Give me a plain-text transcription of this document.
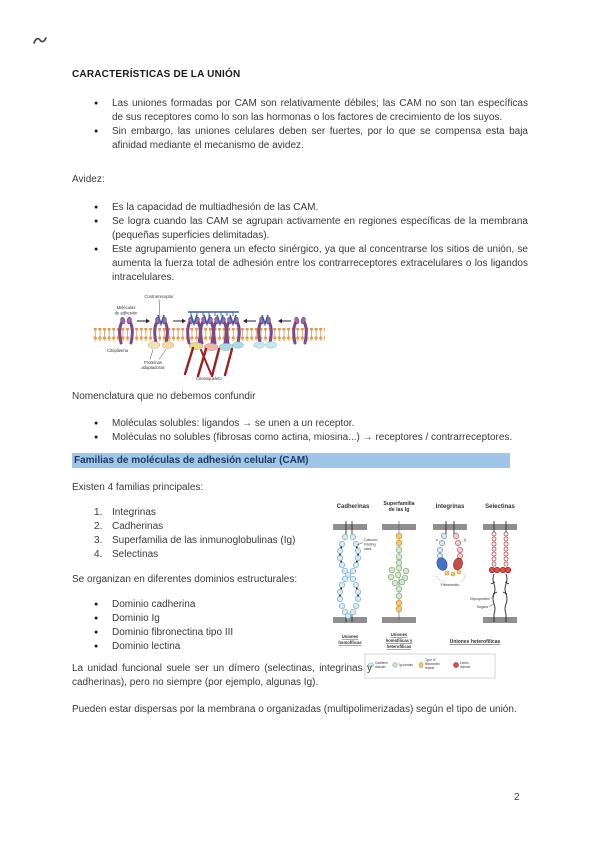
CARACTERÍSTICAS DE LA UNIÓN
●
Las uniones formadas por CAM son relativamente débiles; las CAM no son tan específicas de sus receptores como lo son las hormonas o los factores de crecimiento de los suyos.
●
Sin embargo, las uniones celulares deben ser fuertes, por lo que se compensa esta baja afinidad mediante el mecanismo de avidez.
Avidez:
●
Es la capacidad de multiadhesión de las CAM.
●
Se logra cuando las CAM se agrupan activamente en regiones específicas de la membrana (pequeñas superficies delimitadas).
●
Este agrupamiento genera un efecto sinérgico, ya que al concentrarse los sitios de unión, se aumenta la fuerza total de adhesión entre los contrarreceptores extracelulares o los ligandos intracelulares.
Moléculas
de adhesión
Contrarreceptor
Citoplasma
Proteínas
adaptadoras
Citoesqueleto
Nomenclatura que no debemos confundir
●
Moléculas solubles: ligandos → se unen a un receptor.
●
Moléculas no solubles (fibrosas como actina, miosina...) → receptores / contrarreceptores.
Familias de moléculas de adhesión celular (CAM)
Existen 4 familias principales:
Integrinas
Cadherinas
Superfamilia de las inmunoglobulinas (Ig)
Selectinas
Se organizan en diferentes dominios estructurales:
●
Dominio cadherina
●
Dominio Ig
●
Dominio fibronectina tipo III
●
Dominio lectina
Cadherinas	Superfamilia
de las Ig	Integrinas	Selectinas
Calcium-
binding
sites
α	β
Fibronectin
Glycoprotein
Sugars
Uniones
homofílicas
Uniones
homofílicas y
heterofílicas
Uniones heterofílicas
Cadherin
domain	Ig domain
Type III
fibronectin
repeat
Lectin
domain
La unidad funcional suele ser un dímero (selectinas, integrinas y cadherinas), pero no siempre (por ejemplo, algunas Ig).
Pueden estar dispersas por la membrana o organizadas (multipolimerizadas) según el tipo de unión.
2
